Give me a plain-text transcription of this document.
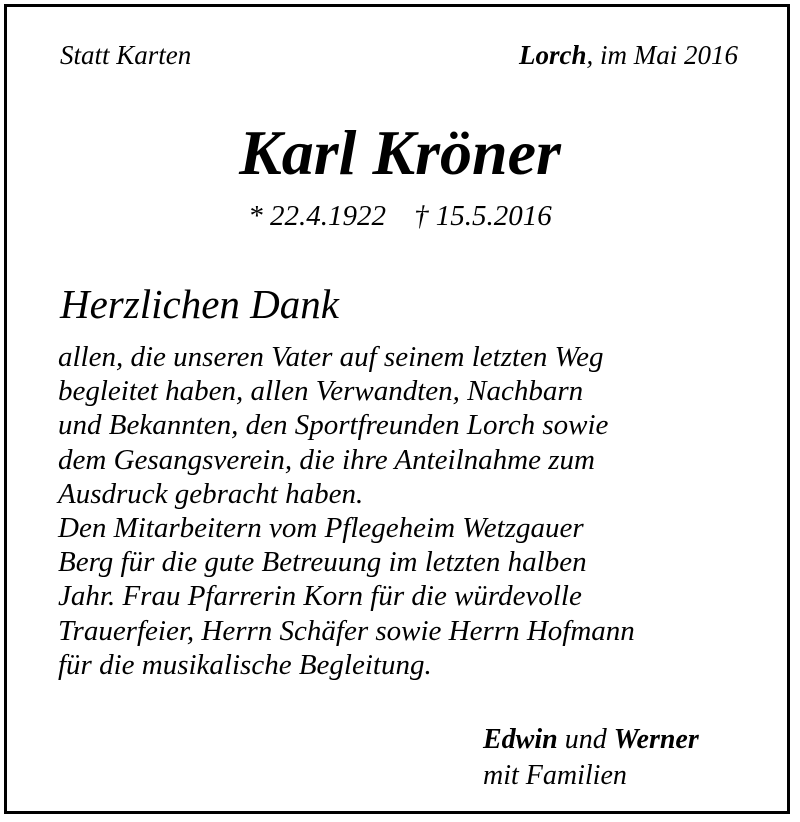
Statt Karten	Lorch, im Mai 2016
Karl Kröner
* 22.4.1922 † 15.5.2016
Herzlichen Dank
allen, die unseren Vater auf seinem letzten Weg
begleitet haben, allen Verwandten, Nachbarn
und Bekannten, den Sportfreunden Lorch sowie
dem Gesangsverein, die ihre Anteilnahme zum
Ausdruck gebracht haben.
Den Mitarbeitern vom Pflegeheim Wetzgauer
Berg für die gute Betreuung im letzten halben
Jahr. Frau Pfarrerin Korn für die würdevolle
Trauerfeier, Herrn Schäfer sowie Herrn Hofmann
für die musikalische Begleitung.
Edwin und Werner
mit Familien
